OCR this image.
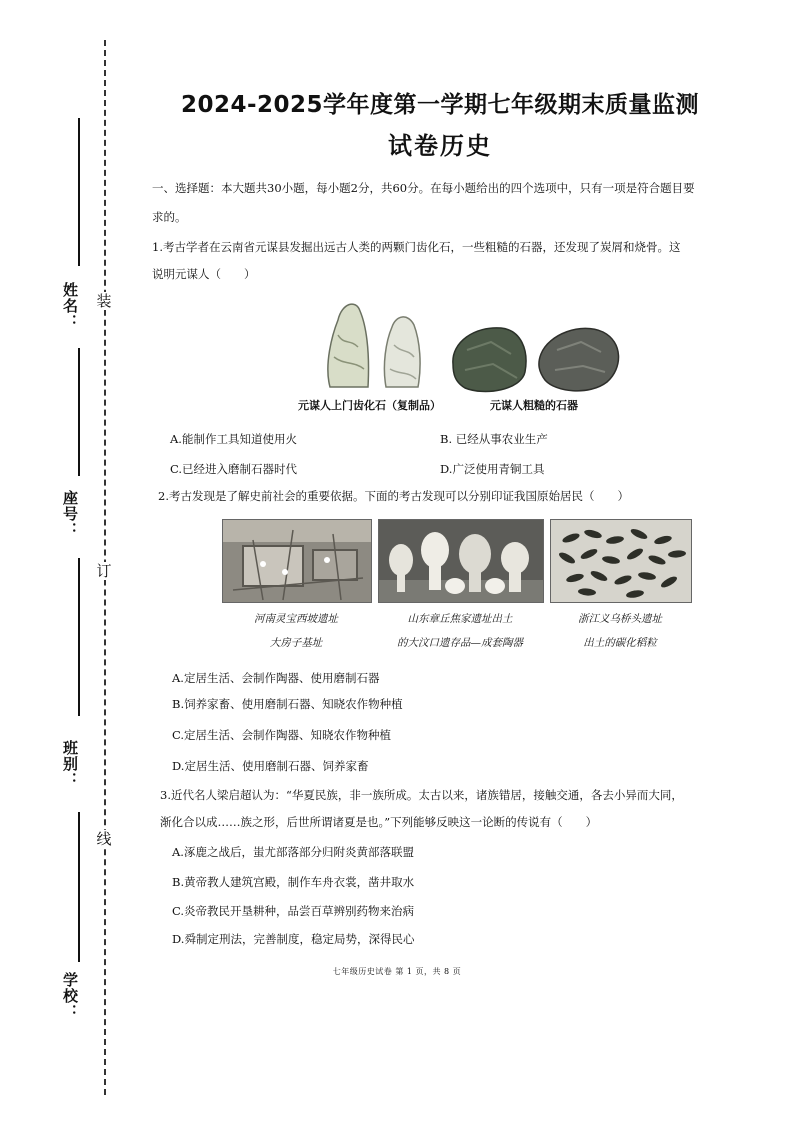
姓名：
座号：
班别：
学校：
装
订
线
2024-2025学年度第一学期七年级期末质量监测
试卷历史
一、选择题：本大题共30小题，每小题2分，共60分。在每小题给出的四个选项中，只有一项是符合题目要
求的。
1.考古学者在云南省元谋县发掘出远古人类的两颗门齿化石，一些粗糙的石器，还发现了炭屑和烧骨。这
说明元谋人（　　）
元谋人上门齿化石（复制品）	元谋人粗糙的石器
A.能制作工具知道使用火	B. 已经从事农业生产
C.已经进入磨制石器时代	D.广泛使用青铜工具
2.考古发现是了解史前社会的重要依据。下面的考古发现可以分别印证我国原始居民（　　）
河南灵宝西坡遗址
大房子基址
山东章丘焦家遗址出土
的大汶口遗存品—成套陶器
浙江义乌桥头遗址
出土的碳化稻粒
A.定居生活、会制作陶器、使用磨制石器
B.饲养家畜、使用磨制石器、知晓农作物种植
C.定居生活、会制作陶器、知晓农作物种植
D.定居生活、使用磨制石器、饲养家畜
3.近代名人梁启超认为：“华夏民族，非一族所成。太古以来，诸族错居，接触交通，各去小异而大同，
渐化合以成……族之形，后世所谓诸夏是也。”下列能够反映这一论断的传说有（　　）
A.涿鹿之战后，蚩尤部落部分归附炎黄部落联盟
B.黄帝教人建筑宫殿，制作车舟衣裳，凿井取水
C.炎帝教民开垦耕种，品尝百草辨别药物来治病
D.舜制定刑法，完善制度，稳定局势，深得民心
七年级历史试卷 第 1 页，共 8 页
